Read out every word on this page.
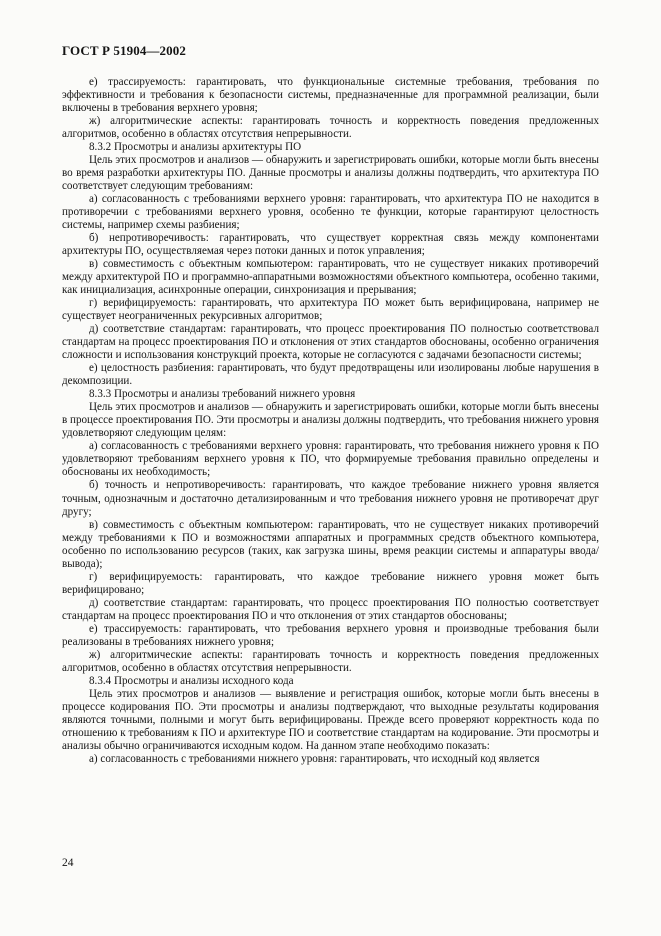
ГОСТ Р 51904—2002

е) трассируемость: гарантировать, что функциональные системные требования, требования по эффективности и требования к безопасности системы, предназначенные для программной реализации, были включены в требования верхнего уровня;

ж) алгоритмические аспекты: гарантировать точность и корректность поведения предложенных алгоритмов, особенно в областях отсутствия непрерывности.

8.3.2 Просмотры и анализы архитектуры ПО

Цель этих просмотров и анализов — обнаружить и зарегистрировать ошибки, которые могли быть внесены во время разработки архитектуры ПО. Данные просмотры и анализы должны подтвердить, что архитектура ПО соответствует следующим требованиям:

а) согласованность с требованиями верхнего уровня: гарантировать, что архитектура ПО не находится в противоречии с требованиями верхнего уровня, особенно те функции, которые гарантируют целостность системы, например схемы разбиения;

б) непротиворечивость: гарантировать, что существует корректная связь между компонентами архитектуры ПО, осуществляемая через потоки данных и поток управления;

в) совместимость с объектным компьютером: гарантировать, что не существует никаких противоречий между архитектурой ПО и программно-аппаратными возможностями объектного компьютера, особенно такими, как инициализация, асинхронные операции, синхронизация и прерывания;

г) верифицируемость: гарантировать, что архитектура ПО может быть верифицирована, например не существует неограниченных рекурсивных алгоритмов;

д) соответствие стандартам: гарантировать, что процесс проектирования ПО полностью соответствовал стандартам на процесс проектирования ПО и отклонения от этих стандартов обоснованы, особенно ограничения сложности и использования конструкций проекта, которые не согласуются с задачами безопасности системы;

е) целостность разбиения: гарантировать, что будут предотвращены или изолированы любые нарушения в декомпозиции.

8.3.3 Просмотры и анализы требований нижнего уровня

Цель этих просмотров и анализов — обнаружить и зарегистрировать ошибки, которые могли быть внесены в процессе проектирования ПО. Эти просмотры и анализы должны подтвердить, что требования нижнего уровня удовлетворяют следующим целям:

а) согласованность с требованиями верхнего уровня: гарантировать, что требования нижнего уровня к ПО удовлетворяют требованиям верхнего уровня к ПО, что формируемые требования правильно определены и обоснованы их необходимость;

б) точность и непротиворечивость: гарантировать, что каждое требование нижнего уровня является точным, однозначным и достаточно детализированным и что требования нижнего уровня не противоречат друг другу;

в) совместимость с объектным компьютером: гарантировать, что не существует никаких противоречий между требованиями к ПО и возможностями аппаратных и программных средств объектного компьютера, особенно по использованию ресурсов (таких, как загрузка шины, время реакции системы и аппаратуры ввода/вывода);

г) верифицируемость: гарантировать, что каждое требование нижнего уровня может быть верифицировано;

д) соответствие стандартам: гарантировать, что процесс проектирования ПО полностью соответствует стандартам на процесс проектирования ПО и что отклонения от этих стандартов обоснованы;

е) трассируемость: гарантировать, что требования верхнего уровня и производные требования были реализованы в требованиях нижнего уровня;

ж) алгоритмические аспекты: гарантировать точность и корректность поведения предложенных алгоритмов, особенно в областях отсутствия непрерывности.

8.3.4 Просмотры и анализы исходного кода

Цель этих просмотров и анализов — выявление и регистрация ошибок, которые могли быть внесены в процессе кодирования ПО. Эти просмотры и анализы подтверждают, что выходные результаты кодирования являются точными, полными и могут быть верифицированы. Прежде всего проверяют корректность кода по отношению к требованиям к ПО и архитектуре ПО и соответствие стандартам на кодирование. Эти просмотры и анализы обычно ограничиваются исходным кодом. На данном этапе необходимо показать:

а) согласованность с требованиями нижнего уровня: гарантировать, что исходный код является

24
